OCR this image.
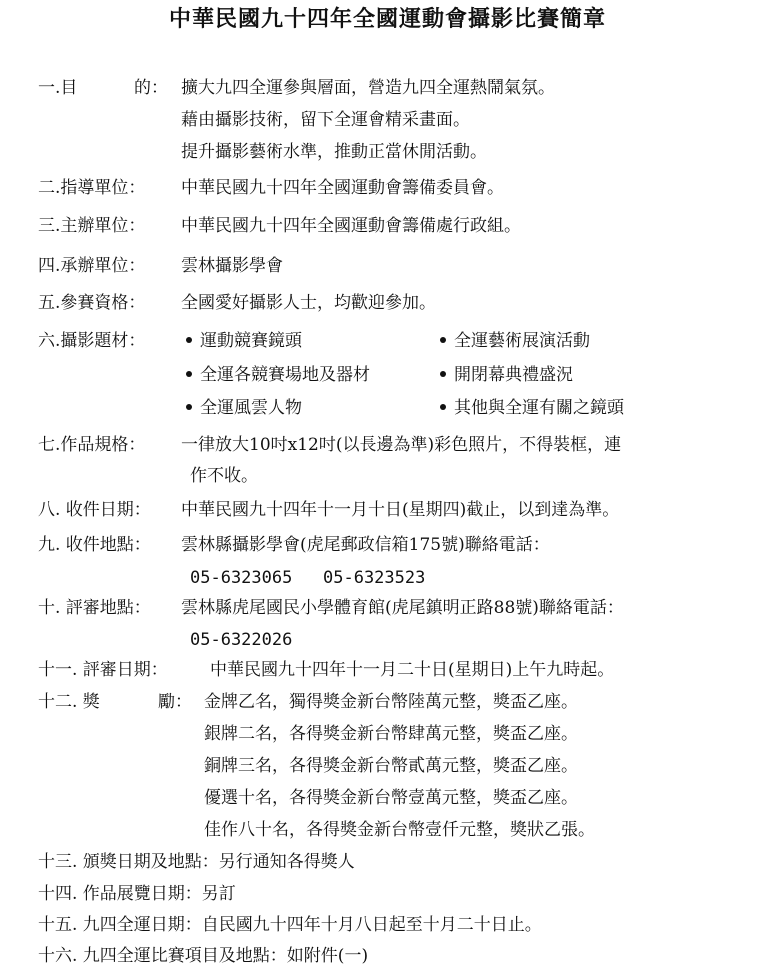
中華民國九十四年全國運動會攝影比賽簡章
一.目	的： 擴大九四全運參與層面，營造九四全運熱鬧氣氛。
藉由攝影技術，留下全運會精采畫面。
提升攝影藝術水準，推動正當休閒活動。
二.指導單位： 中華民國九十四年全國運動會籌備委員會。
三.主辦單位： 中華民國九十四年全國運動會籌備處行政組。
四.承辦單位： 雲林攝影學會
五.參賽資格： 全國愛好攝影人士，均歡迎參加。
六.攝影題材：	運動競賽鏡頭	全運藝術展演活動
全運各競賽場地及器材	開閉幕典禮盛況
全運風雲人物	其他與全運有關之鏡頭
七.作品規格： 一律放大10吋x12吋(以長邊為準)彩色照片，不得裝框，連
作不收。
八. 收件日期： 中華民國九十四年十一月十日(星期四)截止，以到達為準。
九. 收件地點： 雲林縣攝影學會(虎尾郵政信箱175號)聯絡電話：
05-6323065 05-6323523
十. 評審地點： 雲林縣虎尾國民小學體育館(虎尾鎮明正路88號)聯絡電話：
05-6322026
十一. 評審日期： 中華民國九十四年十一月二十日(星期日)上午九時起。
十二. 獎	勵： 金牌乙名，獨得獎金新台幣陸萬元整，獎盃乙座。
銀牌二名，各得獎金新台幣肆萬元整，獎盃乙座。
銅牌三名，各得獎金新台幣貳萬元整，獎盃乙座。
優選十名，各得獎金新台幣壹萬元整，獎盃乙座。
佳作八十名，各得獎金新台幣壹仟元整，獎狀乙張。
十三. 頒獎日期及地點：另行通知各得獎人
十四. 作品展覽日期：另訂
十五. 九四全運日期：自民國九十四年十月八日起至十月二十日止。
十六. 九四全運比賽項目及地點：如附件(一)
